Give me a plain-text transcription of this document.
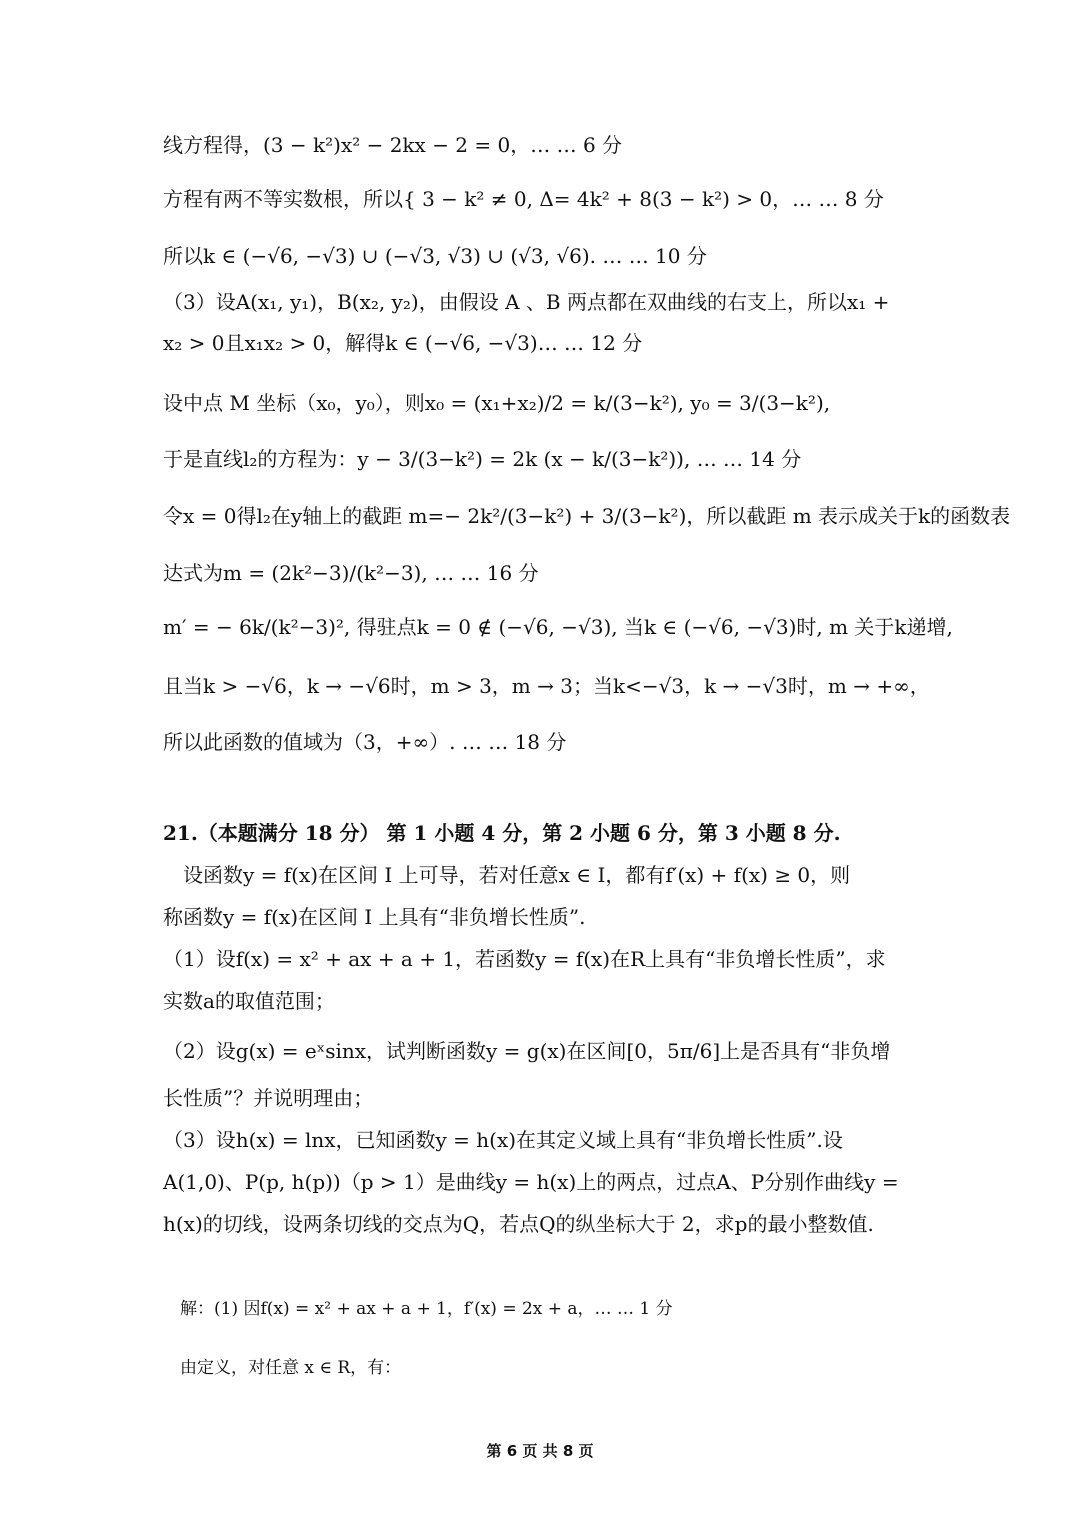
线方程得，(3 − k²)x² − 2kx − 2 = 0，… … 6 分
方程有两不等实数根，所以{ 3 − k² ≠ 0, Δ= 4k² + 8(3 − k²) > 0，… … 8 分
所以k ∈ (−√6, −√3) ∪ (−√3, √3) ∪ (√3, √6). … … 10 分
（3）设A(x₁, y₁)，B(x₂, y₂)，由假设 A 、B 两点都在双曲线的右支上，所以x₁ +
x₂ > 0且x₁x₂ > 0，解得k ∈ (−√6, −√3)… … 12 分
设中点 M 坐标（x₀，y₀），则x₀ = (x₁+x₂)/2 = k/(3−k²), y₀ = 3/(3−k²),
于是直线l₂的方程为：y − 3/(3−k²) = 2k (x − k/(3−k²)), … … 14 分
令x = 0得l₂在y轴上的截距 m=− 2k²/(3−k²) + 3/(3−k²)，所以截距 m 表示成关于k的函数表
达式为m = (2k²−3)/(k²−3), … … 16 分
m′ = − 6k/(k²−3)², 得驻点k = 0 ∉ (−√6, −√3), 当k ∈ (−√6, −√3)时, m 关于k递增,
且当k > −√6，k → −√6时，m > 3，m → 3；当k<−√3，k → −√3时，m → +∞，
所以此函数的值域为（3，+∞）. … … 18 分
21.（本题满分 18 分） 第 1 小题 4 分，第 2 小题 6 分，第 3 小题 8 分.
　设函数y = f(x)在区间 I 上可导，若对任意x ∈ I，都有f′(x) + f(x) ≥ 0，则
称函数y = f(x)在区间 I 上具有“非负增长性质”.
（1）设f(x) = x² + ax + a + 1，若函数y = f(x)在R上具有“非负增长性质”，求
实数a的取值范围；
（2）设g(x) = eˣsinx，试判断函数y = g(x)在区间[0，5π/6]上是否具有“非负增
长性质”？并说明理由；
（3）设h(x) = lnx，已知函数y = h(x)在其定义域上具有“非负增长性质”.设
A(1,0)、P(p, h(p))（p > 1）是曲线y = h(x)上的两点，过点A、P分别作曲线y =
h(x)的切线，设两条切线的交点为Q，若点Q的纵坐标大于 2，求p的最小整数值.
　解：(1) 因f(x) = x² + ax + a + 1，f′(x) = 2x + a，… … 1 分
　由定义，对任意 x ∈ R，有：
第 6 页 共 8 页
